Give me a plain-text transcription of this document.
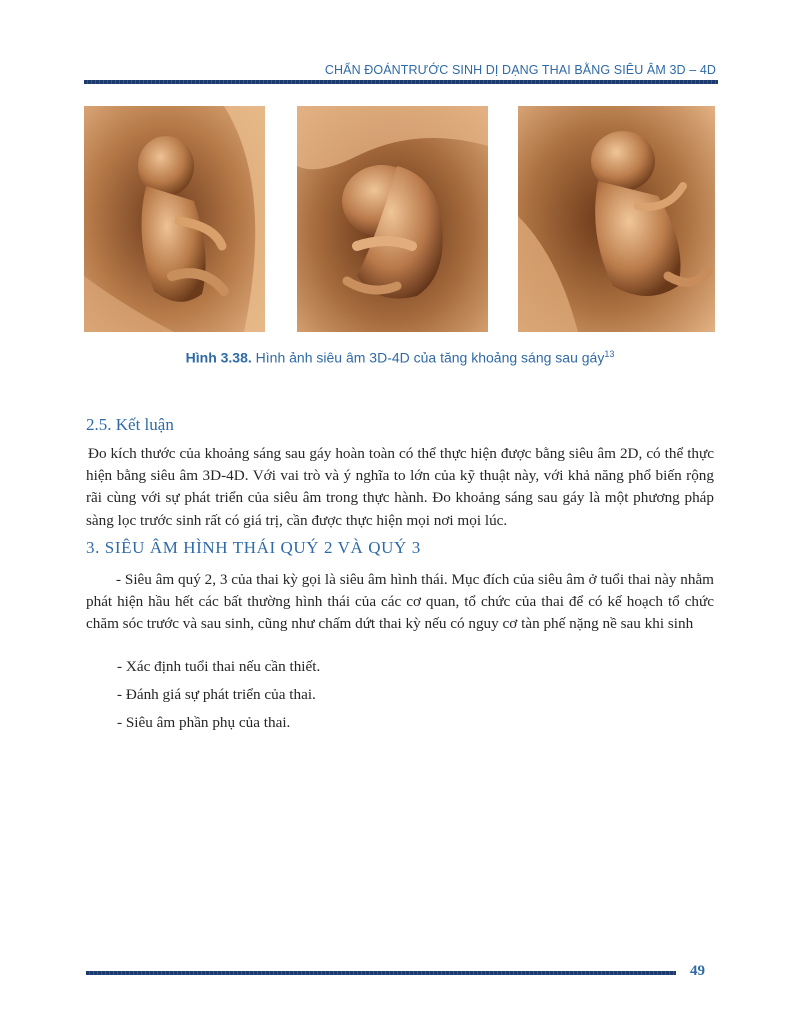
CHẨN ĐOÁNTRƯỚC SINH DỊ DẠNG THAI BẰNG SIÊU ÂM 3D – 4D
Hình 3.38. Hình ảnh siêu âm 3D-4D của tăng khoảng sáng sau gáy$^{13}$
2.5. Kết luận

Đo kích thước của khoảng sáng sau gáy hoàn toàn có thể thực hiện được bằng siêu âm 2D, có thể thực hiện bằng siêu âm 3D-4D. Với vai trò và ý nghĩa to lớn của kỹ thuật này, với khả năng phổ biến rộng rãi cùng với sự phát triển của siêu âm trong thực hành. Đo khoảng sáng sau gáy là một phương pháp sàng lọc trước sinh rất có giá trị, cần được thực hiện mọi nơi mọi lúc.

3. SIÊU ÂM HÌNH THÁI QUÝ 2 VÀ QUÝ 3

- Siêu âm quý 2, 3 của thai kỳ gọi là siêu âm hình thái. Mục đích của siêu âm ở tuổi thai này nhằm phát hiện hầu hết các bất thường hình thái của các cơ quan, tổ chức của thai để có kế hoạch tổ chức chăm sóc trước và sau sinh, cũng như chấm dứt thai kỳ nếu có nguy cơ tàn phế nặng nề sau khi sinh

- Xác định tuổi thai nếu cần thiết.

- Đánh giá sự phát triển của thai.

- Siêu âm phần phụ của thai.

49
